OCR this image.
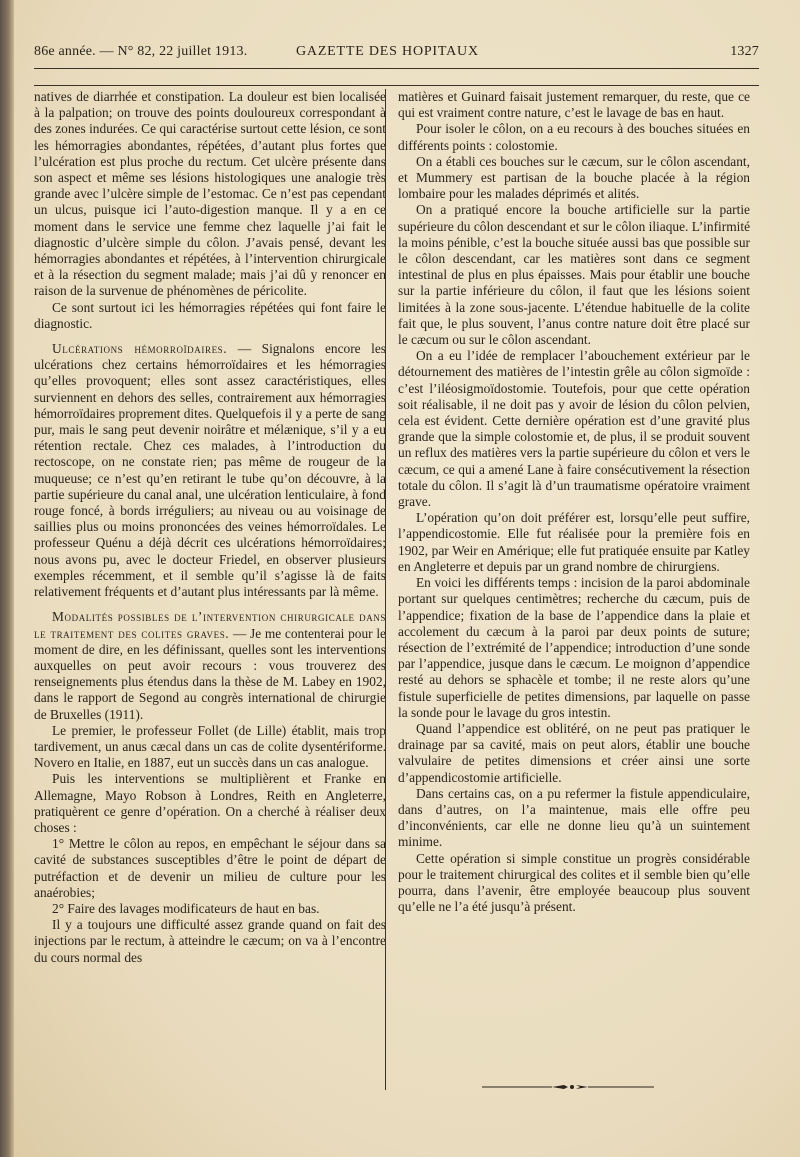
86e année. — N° 82, 22 juillet 1913.	GAZETTE DES HOPITAUX	1327

natives de diarrhée et constipation. La douleur est bien localisée à la palpation; on trouve des points douloureux correspondant à des zones indurées. Ce qui caractérise surtout cette lésion, ce sont les hémorragies abondantes, répétées, d’autant plus fortes que l’ulcération est plus proche du rectum. Cet ulcère présente dans son aspect et même ses lésions histologiques une analogie très grande avec l’ulcère simple de l’estomac. Ce n’est pas cependant un ulcus, puisque ici l’auto-digestion manque. Il y a en ce moment dans le service une femme chez laquelle j’ai fait le diagnostic d’ulcère simple du côlon. J’avais pensé, devant les hémorragies abondantes et répétées, à l’intervention chirurgicale et à la résection du segment malade; mais j’ai dû y renoncer en raison de la survenue de phénomènes de péricolite.

Ce sont surtout ici les hémorragies répétées qui font faire le diagnostic.

Ulcérations hémorroïdaires. — Signalons encore les ulcérations chez certains hémorroïdaires et les hémorragies qu’elles provoquent; elles sont assez caractéristiques, elles surviennent en dehors des selles, contrairement aux hémorragies hémorroïdaires proprement dites. Quelquefois il y a perte de sang pur, mais le sang peut devenir noirâtre et mélænique, s’il y a eu rétention rectale. Chez ces malades, à l’introduction du rectoscope, on ne constate rien; pas même de rougeur de la muqueuse; ce n’est qu’en retirant le tube qu’on découvre, à la partie supérieure du canal anal, une ulcération lenticulaire, à fond rouge foncé, à bords irréguliers; au niveau ou au voisinage de saillies plus ou moins prononcées des veines hémorroïdales. Le professeur Quénu a déjà décrit ces ulcérations hémorroïdaires; nous avons pu, avec le docteur Friedel, en observer plusieurs exemples récemment, et il semble qu’il s’agisse là de faits relativement fréquents et d’autant plus intéressants par là même.

Modalités possibles de l’intervention chirurgicale dans le traitement des colites graves. — Je me contenterai pour le moment de dire, en les définissant, quelles sont les interventions auxquelles on peut avoir recours : vous trouverez des renseignements plus étendus dans la thèse de M. Labey en 1902, dans le rapport de Segond au congrès international de chirurgie de Bruxelles (1911).

Le premier, le professeur Follet (de Lille) établit, mais trop tardivement, un anus cæcal dans un cas de colite dysentériforme. Novero en Italie, en 1887, eut un succès dans un cas analogue.

Puis les interventions se multiplièrent et Franke en Allemagne, Mayo Robson à Londres, Reith en Angleterre, pratiquèrent ce genre d’opération. On a cherché à réaliser deux choses :

1° Mettre le côlon au repos, en empêchant le séjour dans sa cavité de substances susceptibles d’être le point de départ de putréfaction et de devenir un milieu de culture pour les anaérobies;

2° Faire des lavages modificateurs de haut en bas.

Il y a toujours une difficulté assez grande quand on fait des injections par le rectum, à atteindre le cæcum; on va à l’encontre du cours normal des

matières et Guinard faisait justement remarquer, du reste, que ce qui est vraiment contre nature, c’est le lavage de bas en haut.

Pour isoler le côlon, on a eu recours à des bouches situées en différents points : colostomie.

On a établi ces bouches sur le cæcum, sur le côlon ascendant, et Mummery est partisan de la bouche placée à la région lombaire pour les malades déprimés et alités.

On a pratiqué encore la bouche artificielle sur la partie supérieure du côlon descendant et sur le côlon iliaque. L’infirmité la moins pénible, c’est la bouche située aussi bas que possible sur le côlon descendant, car les matières sont dans ce segment intestinal de plus en plus épaisses. Mais pour établir une bouche sur la partie inférieure du côlon, il faut que les lésions soient limitées à la zone sous-jacente. L’étendue habituelle de la colite fait que, le plus souvent, l’anus contre nature doit être placé sur le cæcum ou sur le côlon ascendant.

On a eu l’idée de remplacer l’abouchement extérieur par le détournement des matières de l’intestin grêle au côlon sigmoïde : c’est l’iléosigmoïdostomie. Toutefois, pour que cette opération soit réalisable, il ne doit pas y avoir de lésion du côlon pelvien, cela est évident. Cette dernière opération est d’une gravité plus grande que la simple colostomie et, de plus, il se produit souvent un reflux des matières vers la partie supérieure du côlon et vers le cæcum, ce qui a amené Lane à faire consécutivement la résection totale du côlon. Il s’agit là d’un traumatisme opératoire vraiment grave.

L’opération qu’on doit préférer est, lorsqu’elle peut suffire, l’appendicostomie. Elle fut réalisée pour la première fois en 1902, par Weir en Amérique; elle fut pratiquée ensuite par Katley en Angleterre et depuis par un grand nombre de chirurgiens.

En voici les différents temps : incision de la paroi abdominale portant sur quelques centimètres; recherche du cæcum, puis de l’appendice; fixation de la base de l’appendice dans la plaie et accolement du cæcum à la paroi par deux points de suture; résection de l’extrémité de l’appendice; introduction d’une sonde par l’appendice, jusque dans le cæcum. Le moignon d’appendice resté au dehors se sphacèle et tombe; il ne reste alors qu’une fistule superficielle de petites dimensions, par laquelle on passe la sonde pour le lavage du gros intestin.

Quand l’appendice est oblitéré, on ne peut pas pratiquer le drainage par sa cavité, mais on peut alors, établir une bouche valvulaire de petites dimensions et créer ainsi une sorte d’appendicostomie artificielle.

Dans certains cas, on a pu refermer la fistule appendiculaire, dans d’autres, on l’a maintenue, mais elle offre peu d’inconvénients, car elle ne donne lieu qu’à un suintement minime.

Cette opération si simple constitue un progrès considérable pour le traitement chirurgical des colites et il semble bien qu’elle pourra, dans l’avenir, être employée beaucoup plus souvent qu’elle ne l’a été jusqu’à présent.
